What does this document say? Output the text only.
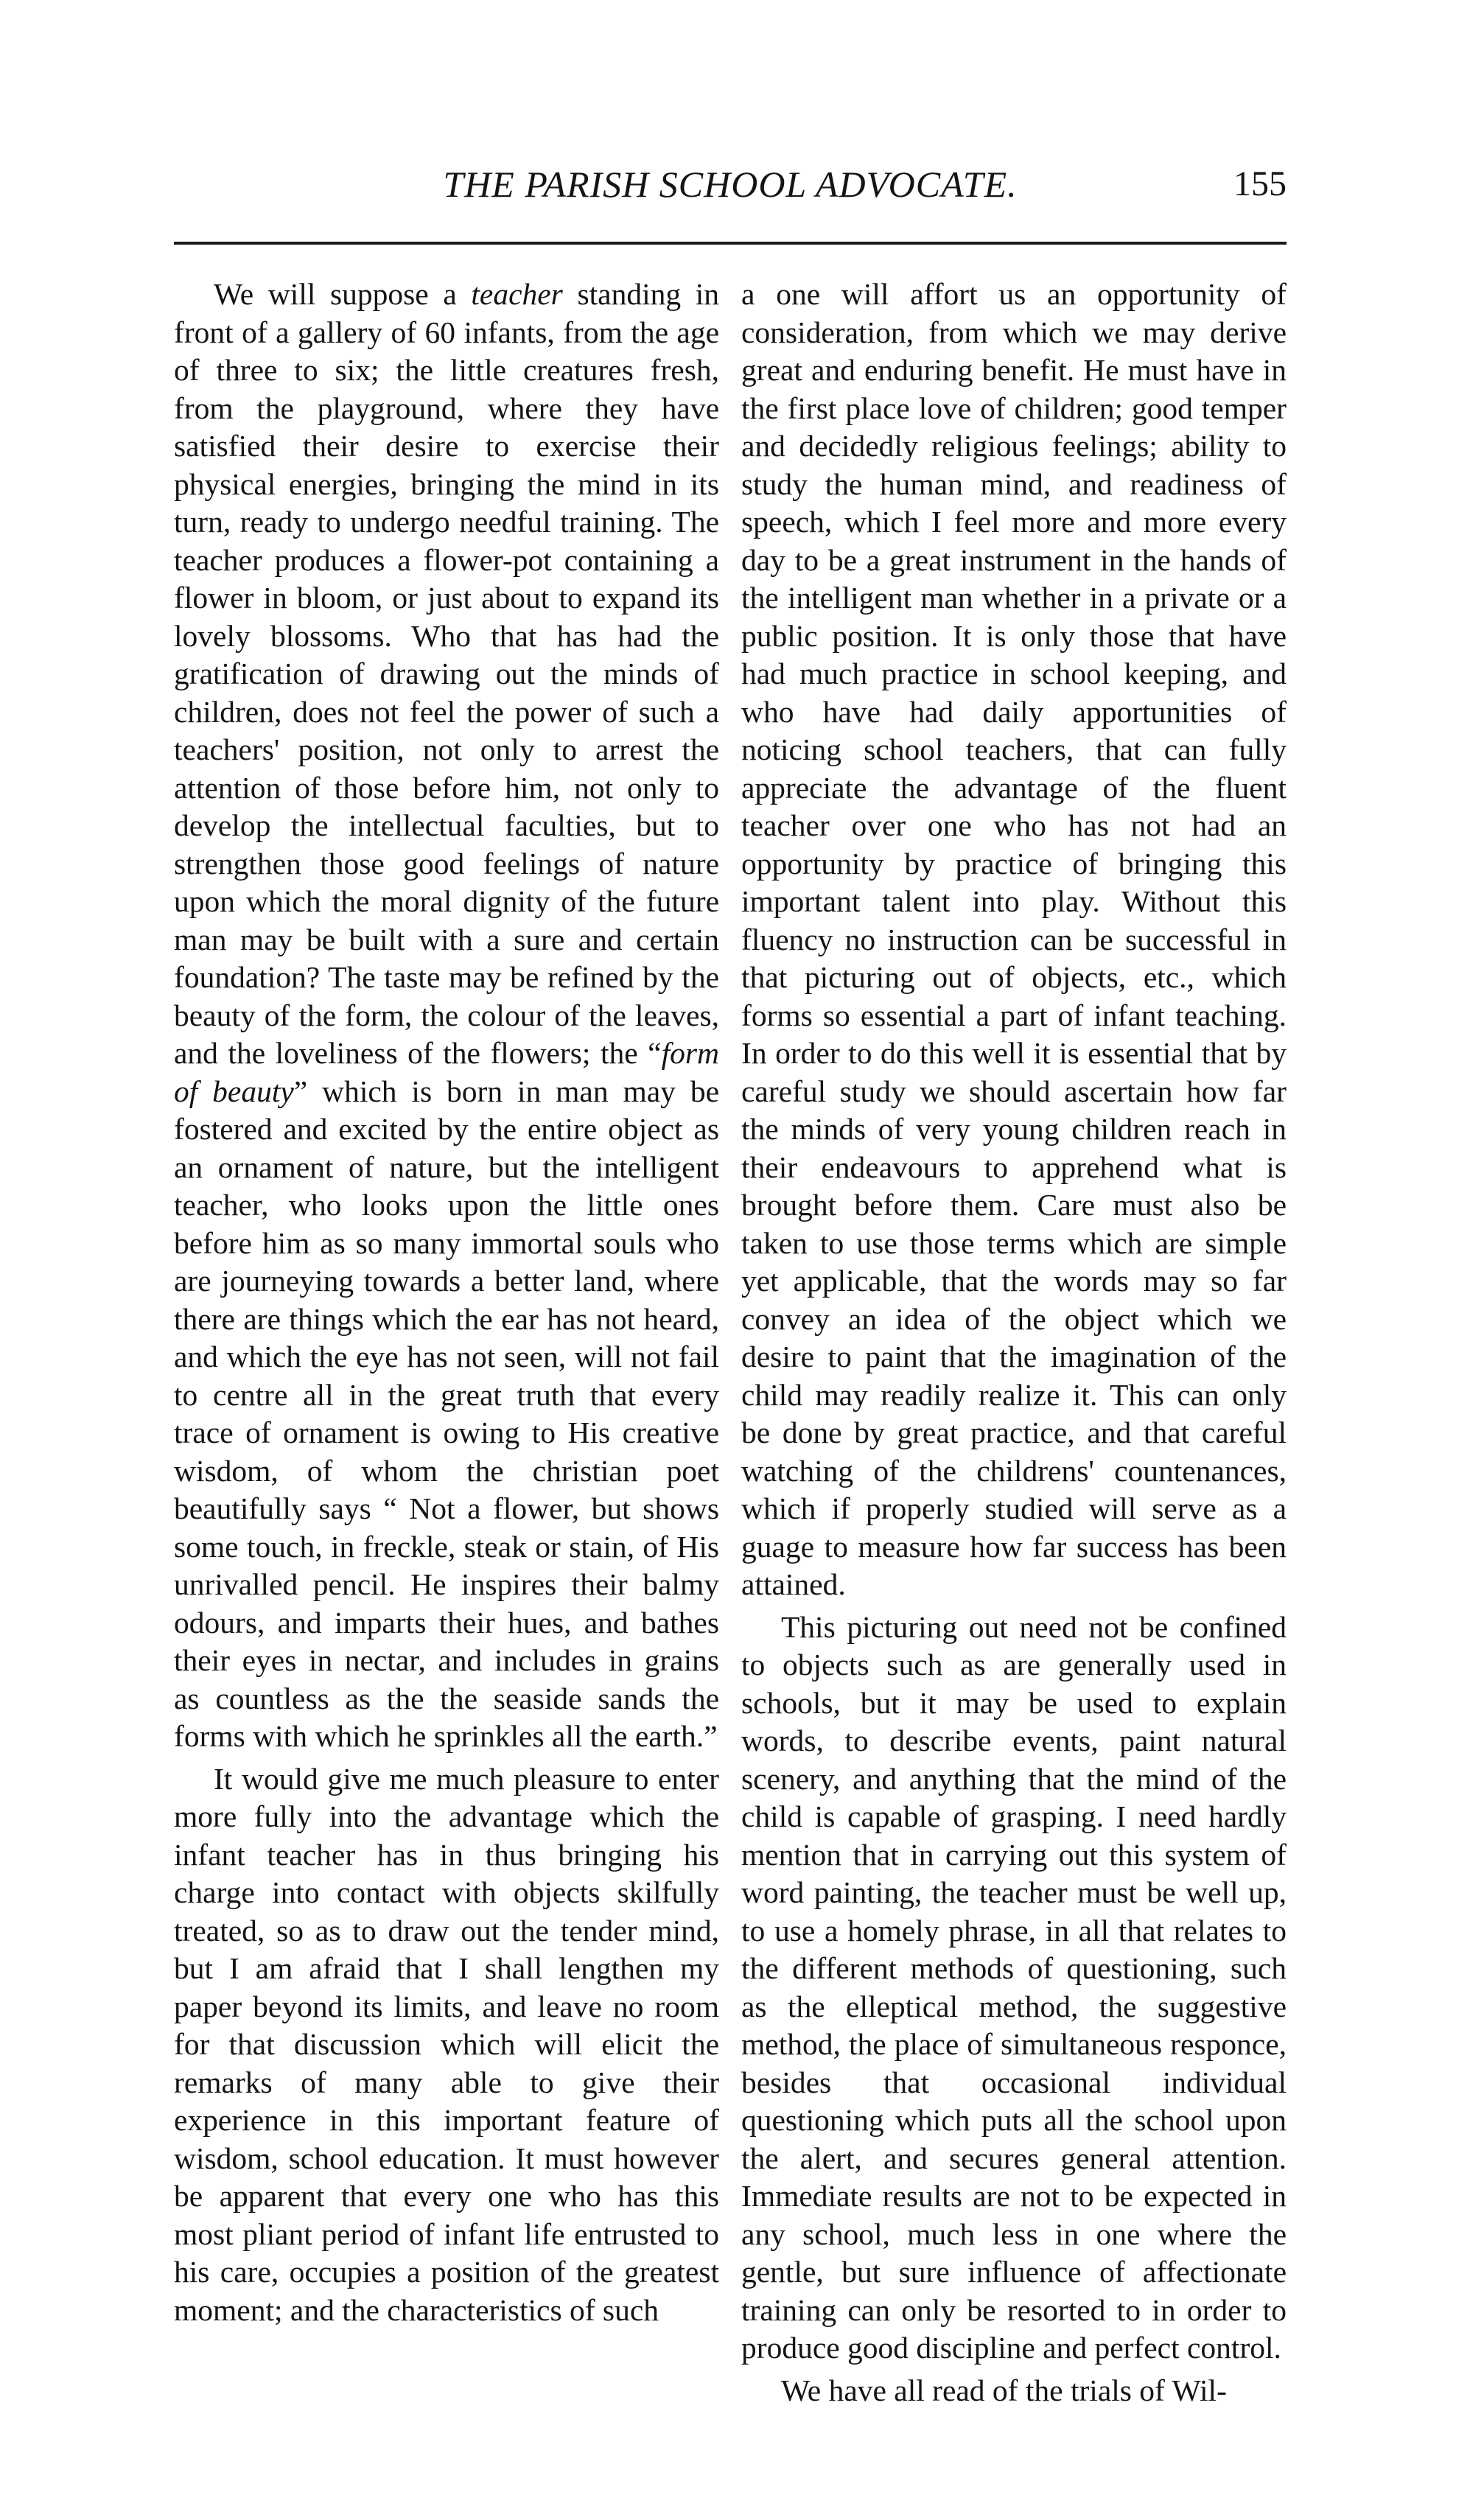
THE PARISH SCHOOL ADVOCATE.	155

We will suppose a teacher standing in front of a gallery of 60 infants, from the age of three to six; the little creatures fresh, from the playground, where they have satisfied their desire to exercise their physical energies, bringing the mind in its turn, ready to undergo needful training. The teacher produces a flower-pot containing a flower in bloom, or just about to expand its lovely blossoms. Who that has had the gratification of drawing out the minds of children, does not feel the power of such a teachers' position, not only to arrest the attention of those before him, not only to develop the intellectual faculties, but to strengthen those good feelings of nature upon which the moral dignity of the future man may be built with a sure and certain foundation? The taste may be refined by the beauty of the form, the colour of the leaves, and the loveliness of the flowers; the “form of beauty” which is born in man may be fostered and excited by the entire object as an ornament of nature, but the intelligent teacher, who looks upon the little ones before him as so many immortal souls who are journeying towards a better land, where there are things which the ear has not heard, and which the eye has not seen, will not fail to centre all in the great truth that every trace of ornament is owing to His creative wisdom, of whom the christian poet beautifully says “ Not a flower, but shows some touch, in freckle, steak or stain, of His unrivalled pencil. He inspires their balmy odours, and imparts their hues, and bathes their eyes in nectar, and includes in grains as countless as the the seaside sands the forms with which he sprinkles all the earth.”

It would give me much pleasure to enter more fully into the advantage which the infant teacher has in thus bringing his charge into contact with objects skilfully treated, so as to draw out the tender mind, but I am afraid that I shall lengthen my paper beyond its limits, and leave no room for that discussion which will elicit the remarks of many able to give their experience in this important feature of wisdom, school education. It must however be apparent that every one who has this most pliant period of infant life entrusted to his care, occupies a position of the greatest moment; and the characteristics of such

a one will affort us an opportunity of consideration, from which we may derive great and enduring benefit. He must have in the first place love of children; good temper and decidedly religious feelings; ability to study the human mind, and readiness of speech, which I feel more and more every day to be a great instrument in the hands of the intelligent man whether in a private or a public position. It is only those that have had much practice in school keeping, and who have had daily apportunities of noticing school teachers, that can fully appreciate the advantage of the fluent teacher over one who has not had an opportunity by practice of bringing this important talent into play. Without this fluency no instruction can be successful in that picturing out of objects, etc., which forms so essential a part of infant teaching. In order to do this well it is essential that by careful study we should ascertain how far the minds of very young children reach in their endeavours to apprehend what is brought before them. Care must also be taken to use those terms which are simple yet applicable, that the words may so far convey an idea of the object which we desire to paint that the imagination of the child may readily realize it. This can only be done by great practice, and that careful watching of the childrens' countenances, which if properly studied will serve as a guage to measure how far success has been attained.

This picturing out need not be confined to objects such as are generally used in schools, but it may be used to explain words, to describe events, paint natural scenery, and anything that the mind of the child is capable of grasping. I need hardly mention that in carrying out this system of word painting, the teacher must be well up, to use a homely phrase, in all that relates to the different methods of questioning, such as the elleptical method, the suggestive method, the place of simultaneous responce, besides that occasional individual questioning which puts all the school upon the alert, and secures general attention. Immediate results are not to be expected in any school, much less in one where the gentle, but sure influence of affectionate training can only be resorted to in order to produce good discipline and perfect control.

We have all read of the trials of Wil-
